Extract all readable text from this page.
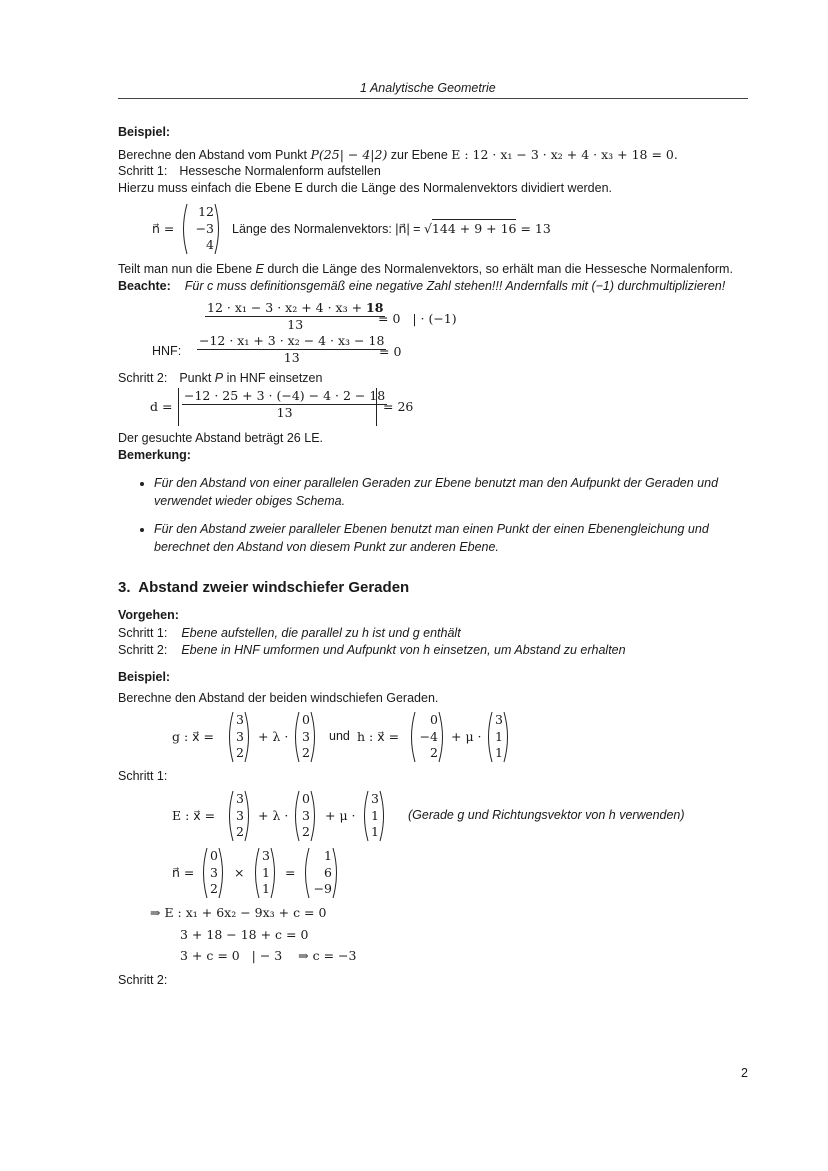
1 Analytische Geometrie
Beispiel:
Berechne den Abstand vom Punkt P(25| − 4|2) zur Ebene E : 12 · x₁ − 3 · x₂ + 4 · x₃ + 18 = 0.
Schritt 1: Hessesche Normalenform aufstellen
Hierzu muss einfach die Ebene E durch die Länge des Normalenvektors dividiert werden.
n⃗ =
12
−3
4
Länge des Normalenvektors: |n⃗| = √144 + 9 + 16 = 13
Teilt man nun die Ebene E durch die Länge des Normalenvektors, so erhält man die Hessesche Normalenform.
Beachte: Für c muss definitionsgemäß eine negative Zahl stehen!!! Andernfalls mit (−1) durchmultiplizieren!
12 · x₁ − 3 · x₂ + 4 · x₃ + 18
13	= 0   | · (−1)
HNF:
−12 · x₁ + 3 · x₂ − 4 · x₃ − 18
13	= 0
Schritt 2: Punkt P in HNF einsetzen
d =
−12 · 25 + 3 · (−4) − 4 · 2 − 18
13	= 26
Der gesuchte Abstand beträgt 26 LE.
Bemerkung:
Für den Abstand von einer parallelen Geraden zur Ebene benutzt man den Aufpunkt der Geraden und
verwendet wieder obiges Schema.
Für den Abstand zweier paralleler Ebenen benutzt man einen Punkt der einen Ebenengleichung und
berechnet den Abstand von diesem Punkt zur anderen Ebene.
3.  Abstand zweier windschiefer Geraden
Vorgehen:
Schritt 1: Ebene aufstellen, die parallel zu h ist und g enthält
Schritt 2: Ebene in HNF umformen und Aufpunkt von h einsetzen, um Abstand zu erhalten
Beispiel:
Berechne den Abstand der beiden windschiefen Geraden.
g : x⃗ =
3
3
2
+ λ ·
0
3
2
und h : x⃗ =
0
−4
2
+ μ ·
3
1
1
Schritt 1:
E : x⃗ =
3
3
2
+ λ ·
0
3
2
+ μ ·
3
1
1
(Gerade g und Richtungsvektor von h verwenden)
n⃗ =
0
3
2
×
3
1
1
=
1
6
−9
⇒ E : x₁ + 6x₂ − 9x₃ + c = 0
3 + 18 − 18 + c = 0
3 + c = 0   | − 3    ⇒ c = −3
Schritt 2:
2
